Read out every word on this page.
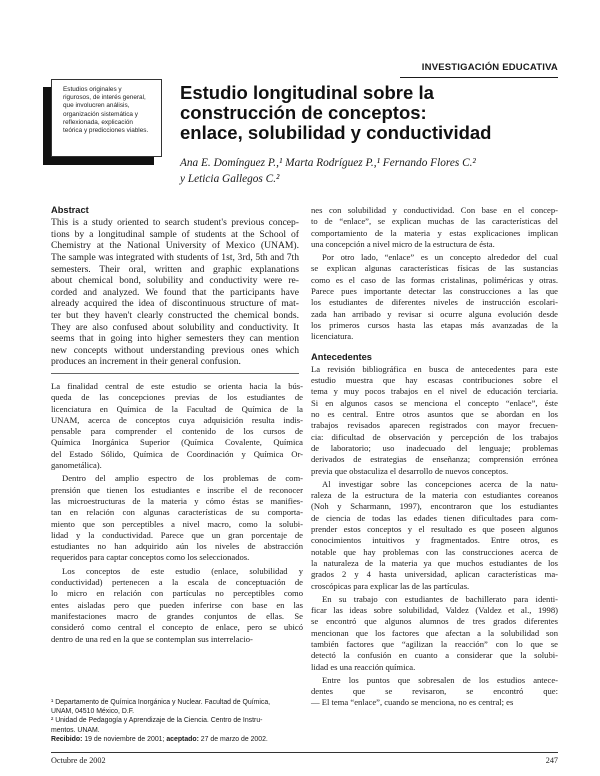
INVESTIGACIÓN EDUCATIVA
Estudios originales y
rigurosos, de interés general,
que involucren análisis,
organización sistemática y
reflexionada, explicación
teórica y predicciones viables.
Estudio longitudinal sobre la
construcción de conceptos:
enlace, solubilidad y conductividad
Ana E. Domínguez P.,¹ Marta Rodríguez P.,¹ Fernando Flores C.²
y Leticia Gallegos C.²
Abstract
This is a study oriented to search student's previous concep-
tions by a longitudinal sample of students at the School of
Chemistry at the National University of Mexico (UNAM).
The sample was integrated with students of 1st, 3rd, 5th and 7th
semesters. Their oral, written and graphic explanations
about chemical bond, solubility and conductivity were re-
corded and analyzed. We found that the participants have
already acquired the idea of discontinuous structure of mat-
ter but they haven't clearly constructed the chemical bonds.
They are also confused about solubility and conductivity. It
seems that in going into higher semesters they can mention
new concepts without understanding previous ones which
produces an increment in their general confusion.

La finalidad central de este estudio se orienta hacia la bús-
queda de las concepciones previas de los estudiantes de
licenciatura en Química de la Facultad de Química de la
UNAM, acerca de conceptos cuya adquisición resulta indis-
pensable para comprender el contenido de los cursos de
Química Inorgánica Superior (Química Covalente, Química
del Estado Sólido, Química de Coordinación y Química Or-
ganometálica).

Dentro del amplio espectro de los problemas de com-
prensión que tienen los estudiantes e inscribe el de reconocer
las microestructuras de la materia y cómo éstas se manifies-
tan en relación con algunas características de su comporta-
miento que son perceptibles a nivel macro, como la solubi-
lidad y la conductividad. Parece que un gran porcentaje de
estudiantes no han adquirido aún los niveles de abstracción
requeridos para captar conceptos como los seleccionados.

Los conceptos de este estudio (enlace, solubilidad y
conductividad) pertenecen a la escala de conceptuación de
lo micro en relación con partículas no perceptibles como
entes aisladas pero que pueden inferirse con base en las
manifestaciones macro de grandes conjuntos de ellas. Se
consideró como central el concepto de enlace, pero se ubicó
dentro de una red en la que se contemplan sus interrelacio-

¹ Departamento de Química Inorgánica y Nuclear. Facultad de Química,
UNAM, 04510 México, D.F.
² Unidad de Pedagogía y Aprendizaje de la Ciencia. Centro de Instru-
mentos. UNAM.
Recibido: 19 de noviembre de 2001; aceptado: 27 de marzo de 2002.

nes con solubilidad y conductividad. Con base en el concep-
to de “enlace”, se explican muchas de las características del
comportamiento de la materia y estas explicaciones implican
una concepción a nivel micro de la estructura de ésta.

Por otro lado, “enlace” es un concepto alrededor del cual
se explican algunas características físicas de las sustancias
como es el caso de las formas cristalinas, poliméricas y otras.
Parece pues importante detectar las construcciones a las que
los estudiantes de diferentes niveles de instrucción escolari-
zada han arribado y revisar si ocurre alguna evolución desde
los primeros cursos hasta las etapas más avanzadas de la
licenciatura.

Antecedentes

La revisión bibliográfica en busca de antecedentes para este
estudio muestra que hay escasas contribuciones sobre el
tema y muy pocos trabajos en el nivel de educación terciaria.
Si en algunos casos se menciona el concepto “enlace”, éste
no es central. Entre otros asuntos que se abordan en los
trabajos revisados aparecen registrados con mayor frecuen-
cia: dificultad de observación y percepción de los trabajos
de laboratorio; uso inadecuado del lenguaje; problemas
derivados de estrategias de enseñanza; comprensión errónea
previa que obstaculiza el desarrollo de nuevos conceptos.

Al investigar sobre las concepciones acerca de la natu-
raleza de la estructura de la materia con estudiantes coreanos
(Noh y Scharmann, 1997), encontraron que los estudiantes
de ciencia de todas las edades tienen dificultades para com-
prender estos conceptos y el resultado es que poseen algunos
conocimientos intuitivos y fragmentados. Entre otros, es
notable que hay problemas con las construcciones acerca de
la naturaleza de la materia ya que muchos estudiantes de los
grados 2 y 4 hasta universidad, aplican características ma-
croscópicas para explicar las de las partículas.

En su trabajo con estudiantes de bachillerato para identi-
ficar las ideas sobre solubilidad, Valdez (Valdez et al., 1998)
se encontró que algunos alumnos de tres grados diferentes
mencionan que los factores que afectan a la solubilidad son
también factores que “agilizan la reacción” con lo que se
detectó la confusión en cuanto a considerar que la solubi-
lidad es una reacción química.

Entre los puntos que sobresalen de los estudios antece-
dentes que se revisaron, se encontró que:
— El tema “enlace”, cuando se menciona, no es central; es

Octubre de 2002	247
